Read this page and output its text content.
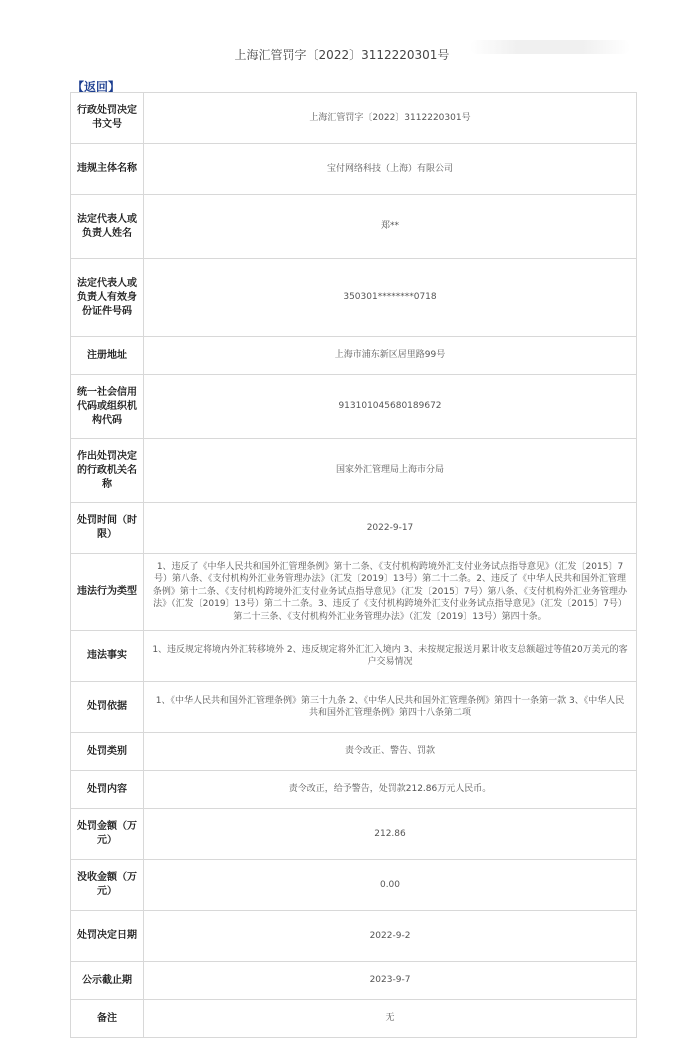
上海汇管罚字〔2022〕3112220301号
【返回】
行政处罚决定书文号	上海汇管罚字〔2022〕3112220301号
违规主体名称	宝付网络科技（上海）有限公司
法定代表人或负责人姓名	郑**
法定代表人或负责人有效身份证件号码	350301********0718
注册地址	上海市浦东新区居里路99号
统一社会信用代码或组织机构代码	913101045680189672
作出处罚决定的行政机关名称	国家外汇管理局上海市分局
处罚时间（时限）	2022-9-17
违法行为类型	1、违反了《中华人民共和国外汇管理条例》第十二条、《支付机构跨境外汇支付业务试点指导意见》（汇发〔2015〕7号）第八条、《支付机构外汇业务管理办法》（汇发〔2019〕13号）第二十二条。2、违反了《中华人民共和国外汇管理条例》第十二条、《支付机构跨境外汇支付业务试点指导意见》（汇发〔2015〕7号）第八条、《支付机构外汇业务管理办法》（汇发〔2019〕13号）第二十二条。3、违反了《支付机构跨境外汇支付业务试点指导意见》（汇发〔2015〕7号）第二十三条、《支付机构外汇业务管理办法》（汇发〔2019〕13号）第四十条。
违法事实	1、违反规定将境内外汇转移境外 2、违反规定将外汇汇入境内 3、未按规定报送月累计收支总额超过等值20万美元的客户交易情况
处罚依据	1、《中华人民共和国外汇管理条例》第三十九条 2、《中华人民共和国外汇管理条例》第四十一条第一款 3、《中华人民共和国外汇管理条例》第四十八条第二项
处罚类别	责令改正、警告、罚款
处罚内容	责令改正，给予警告，处罚款212.86万元人民币。
处罚金额（万元）	212.86
没收金额（万元）	0.00
处罚决定日期	2022-9-2
公示截止期	2023-9-7
备注	无
